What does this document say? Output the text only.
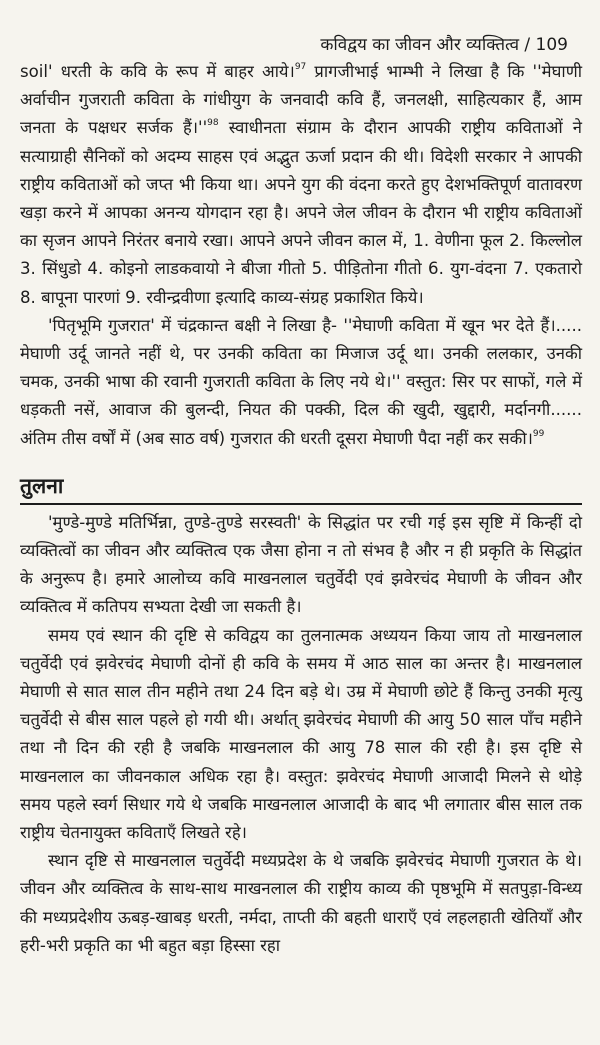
कविद्वय का जीवन और व्यक्तित्व / 109

soil' धरती के कवि के रूप में बाहर आये।$^{97}$ प्रागजीभाई भाम्भी ने लिखा है कि ''मेघाणी अर्वाचीन गुजराती कविता के गांधीयुग के जनवादी कवि हैं, जनलक्षी, साहित्यकार हैं, आम जनता के पक्षधर सर्जक $हैं।''^{98}$ स्वाधीनता संग्राम के दौरान आपकी राष्ट्रीय कविताओं ने सत्याग्राही सैनिकों को अदम्य साहस एवं अद्भुत ऊर्जा प्रदान की थी। विदेशी सरकार ने आपकी राष्ट्रीय कविताओं को जप्त भी किया था। अपने युग की वंदना करते हुए देशभक्तिपूर्ण वातावरण खड़ा करने में आपका अनन्य योगदान रहा है। अपने जेल जीवन के दौरान भी राष्ट्रीय कविताओं का सृजन आपने निरंतर बनाये रखा। आपने अपने जीवन काल में, 1. वेणीना फूल 2. किल्लोल 3. सिंधुडो 4. कोइनो लाडकवायो ने बीजा गीतो 5. पीड़ितोना गीतो 6. युग-वंदना 7. एकतारो 8. बापूना पारणां 9. रवीन्द्रवीणा इत्यादि काव्य-संग्रह प्रकाशित किये।

'पितृभूमि गुजरात' में चंद्रकान्त बक्षी ने लिखा है- ''मेघाणी कविता में खून भर देते हैं।..... मेघाणी उर्दू जानते नहीं थे, पर उनकी कविता का मिजाज उर्दू था। उनकी ललकार, उनकी चमक, उनकी भाषा की रवानी गुजराती कविता के लिए नये थे।'' वस्तुत: सिर पर साफों, गले में धड़कती नसें, आवाज की बुलन्दी, नियत की पक्की, दिल की खुदी, खुद्दारी, मर्दानगी...... अंतिम तीस वर्षों में (अब साठ वर्ष) गुजरात की धरती दूसरा मेघाणी पैदा नहीं कर सकी।$^{99}$

तुलना

'मुण्डे-मुण्डे मतिर्भिन्ना, तुण्डे-तुण्डे सरस्वती' के सिद्धांत पर रची गई इस सृष्टि में किन्हीं दो व्यक्तित्वों का जीवन और व्यक्तित्व एक जैसा होना न तो संभव है और न ही प्रकृति के सिद्धांत के अनुरूप है। हमारे आलोच्य कवि माखनलाल चतुर्वेदी एवं झवेरचंद मेघाणी के जीवन और व्यक्तित्व में कतिपय सभ्यता देखी जा सकती है।

समय एवं स्थान की दृष्टि से कविद्वय का तुलनात्मक अध्ययन किया जाय तो माखनलाल चतुर्वेदी एवं झवेरचंद मेघाणी दोनों ही कवि के समय में आठ साल का अन्तर है। माखनलाल मेघाणी से सात साल तीन महीने तथा 24 दिन बड़े थे। उम्र में मेघाणी छोटे हैं किन्तु उनकी मृत्यु चतुर्वेदी से बीस साल पहले हो गयी थी। अर्थात् झवेरचंद मेघाणी की आयु 50 साल पाँच महीने तथा नौ दिन की रही है जबकि माखनलाल की आयु 78 साल की रही है। इस दृष्टि से माखनलाल का जीवनकाल अधिक रहा है। वस्तुत: झवेरचंद मेघाणी आजादी मिलने से थोड़े समय पहले स्वर्ग सिधार गये थे जबकि माखनलाल आजादी के बाद भी लगातार बीस साल तक राष्ट्रीय चेतनायुक्त कविताएँ लिखते रहे।

स्थान दृष्टि से माखनलाल चतुर्वेदी मध्यप्रदेश के थे जबकि झवेरचंद मेघाणी गुजरात के थे। जीवन और व्यक्तित्व के साथ-साथ माखनलाल की राष्ट्रीय काव्य की पृष्ठभूमि में सतपुड़ा-विन्ध्य की मध्यप्रदेशीय ऊबड़-खाबड़ धरती, नर्मदा, ताप्ती की बहती धाराएँ एवं लहलहाती खेतियाँ और हरी-भरी प्रकृति का भी बहुत बड़ा हिस्सा रहा
